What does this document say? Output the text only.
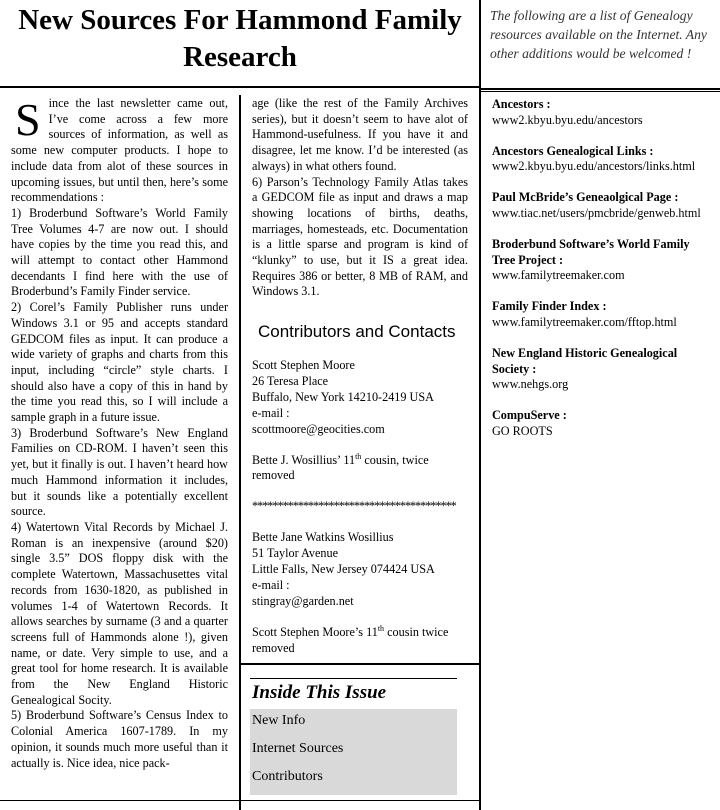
New Sources For Hammond Family Research

Since the last newsletter came out, I’ve come across a few more sources of information, as well as some new computer products. I hope to include data from alot of these sources in upcoming issues, but until then, here’s some recommendations :

1) Broderbund Software’s World Family Tree Volumes 4-7 are now out. I should have copies by the time you read this, and will attempt to contact other Hammond decendants I find here with the use of Broderbund’s Family Finder service.

2) Corel’s Family Publisher runs under Windows 3.1 or 95 and accepts standard GEDCOM files as input. It can produce a wide variety of graphs and charts from this input, including “circle” style charts. I should also have a copy of this in hand by the time you read this, so I will include a sample graph in a future issue.

3) Broderbund Software’s New England Families on CD-ROM. I haven’t seen this yet, but it finally is out. I haven’t heard how much Hammond information it includes, but it sounds like a potentially excellent source.

4) Watertown Vital Records by Michael J. Roman is an inexpensive (around $20) single 3.5” DOS floppy disk with the complete Watertown, Massachusettes vital records from 1630-1820, as published in volumes 1-4 of Watertown Records. It allows searches by surname (3 and a quarter screens full of Hammonds alone !), given name, or date. Very simple to use, and a great tool for home research. It is available from the New England Historic Genealogical Socity.

5) Broderbund Software’s Census Index to Colonial America 1607-1789. In my opinion, it sounds much more useful than it actually is. Nice idea, nice pack-

age (like the rest of the Family Archives series), but it doesn’t seem to have alot of Hammond-usefulness. If you have it and disagree, let me know. I’d be interested (as always) in what others found.

6) Parson’s Technology Family Atlas takes a GEDCOM file as input and draws a map showing locations of births, deaths, marriages, homesteads, etc. Documentation is a little sparse and program is kind of “klunky” to use, but it IS a great idea. Requires 386 or better, 8 MB of RAM, and Windows 3.1.

Contributors and Contacts

Scott Stephen Moore

26 Teresa Place

Buffalo, New York 14210-2419 USA

e-mail :

scottmoore@geocities.com

Bette J. Wosillius’ 11th cousin, twice removed

****************************************

Bette Jane Watkins Wosillius

51 Taylor Avenue

Little Falls, New Jersey 074424 USA

e-mail :

stingray@garden.net

Scott Stephen Moore’s 11th cousin twice removed

Inside This Issue
New Info
Internet Sources
Contributors
The following are a list of Genealogy resources available on the Internet. Any other additions would be welcomed !
Ancestors :
www2.kbyu.byu.edu/ancestors
Ancestors Genealogical Links :
www2.kbyu.byu.edu/ancestors/links.html
Paul McBride’s Geneaolgical Page :
www.tiac.net/users/pmcbride/genweb.html
Broderbund Software’s World Family Tree Project :
www.familytreemaker.com
Family Finder Index :
www.familytreemaker.com/fftop.html
New England Historic Genealogical Society :
www.nehgs.org
CompuServe :
GO ROOTS
